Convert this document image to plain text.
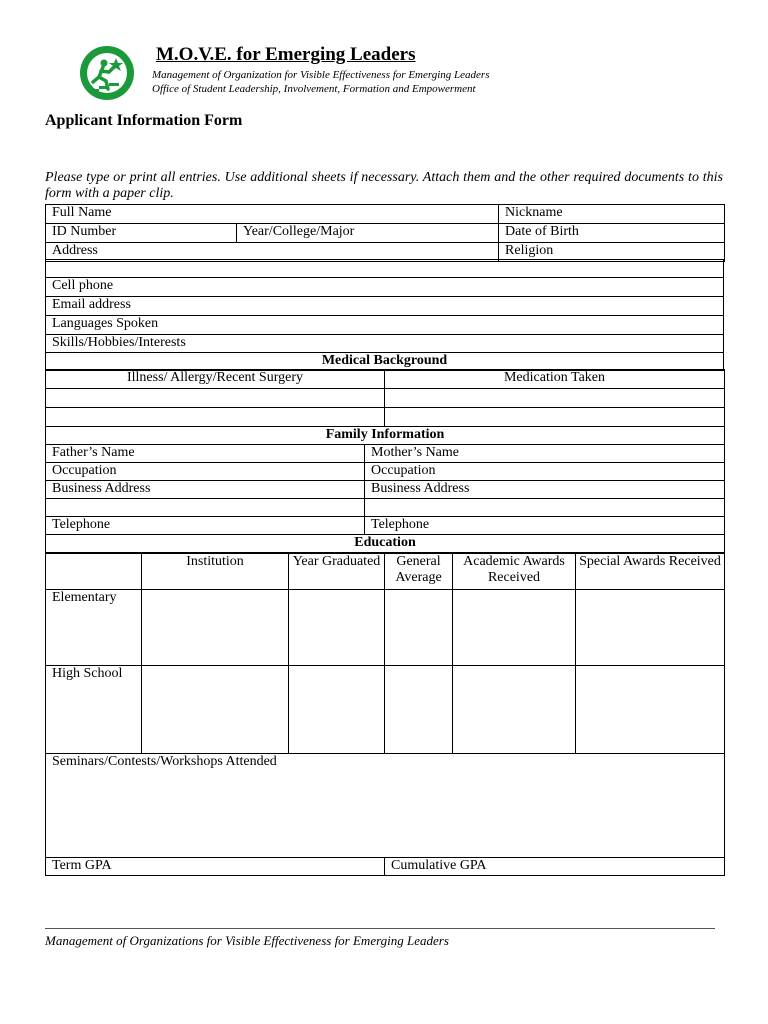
M.O.V.E. for Emerging Leaders
Management of Organization for Visible Effectiveness for Emerging Leaders
Office of Student Leadership, Involvement, Formation and Empowerment
Applicant Information Form
Please type or print all entries. Use additional sheets if necessary. Attach them and the other required documents to this form with a paper clip.
Full Name		Nickname
ID Number	Year/College/Major	Date of Birth
Address		Religion

Cell phone
Email address
Languages Spoken
Skills/Hobbies/Interests
Medical Background
Illness/ Allergy/Recent Surgery	Medication Taken

Family Information	
Father’s Name	Mother’s Name
Occupation	Occupation
Business Address	Business Address

Telephone	Telephone
Education	
	Institution	Year Graduated	General Average	Academic Awards Received	Special Awards Received
Elementary					
High School					
Seminars/Contests/Workshops Attended
Term GPA	Cumulative GPA
Management of Organizations for Visible Effectiveness for Emerging Leaders
